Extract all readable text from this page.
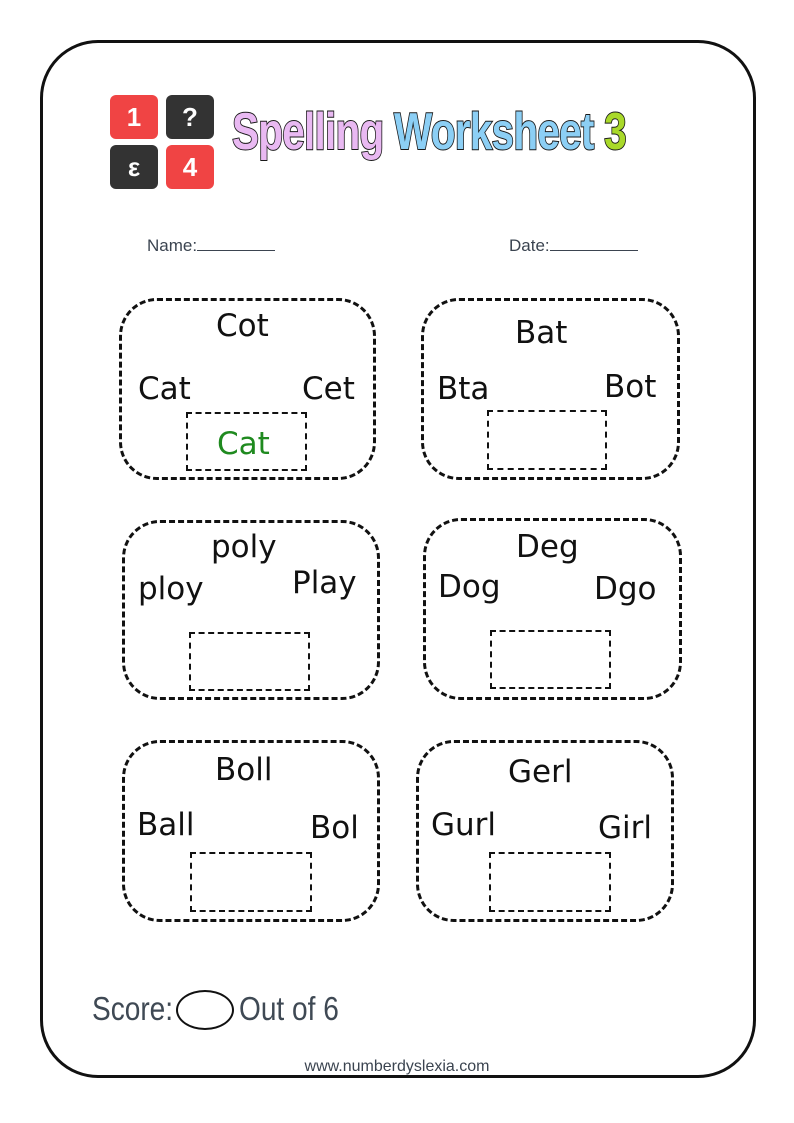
1	?
ε	4
Spelling Worksheet 3
Name:	Date:
Cot
Cat	Cet
Cat
Bat
Bta	Bot
poly
ploy	Play
Deg
Dog	Dgo
Boll
Ball	Bol
Gerl
Gurl	Girl
Score: Out of 6
www.numberdyslexia.com
